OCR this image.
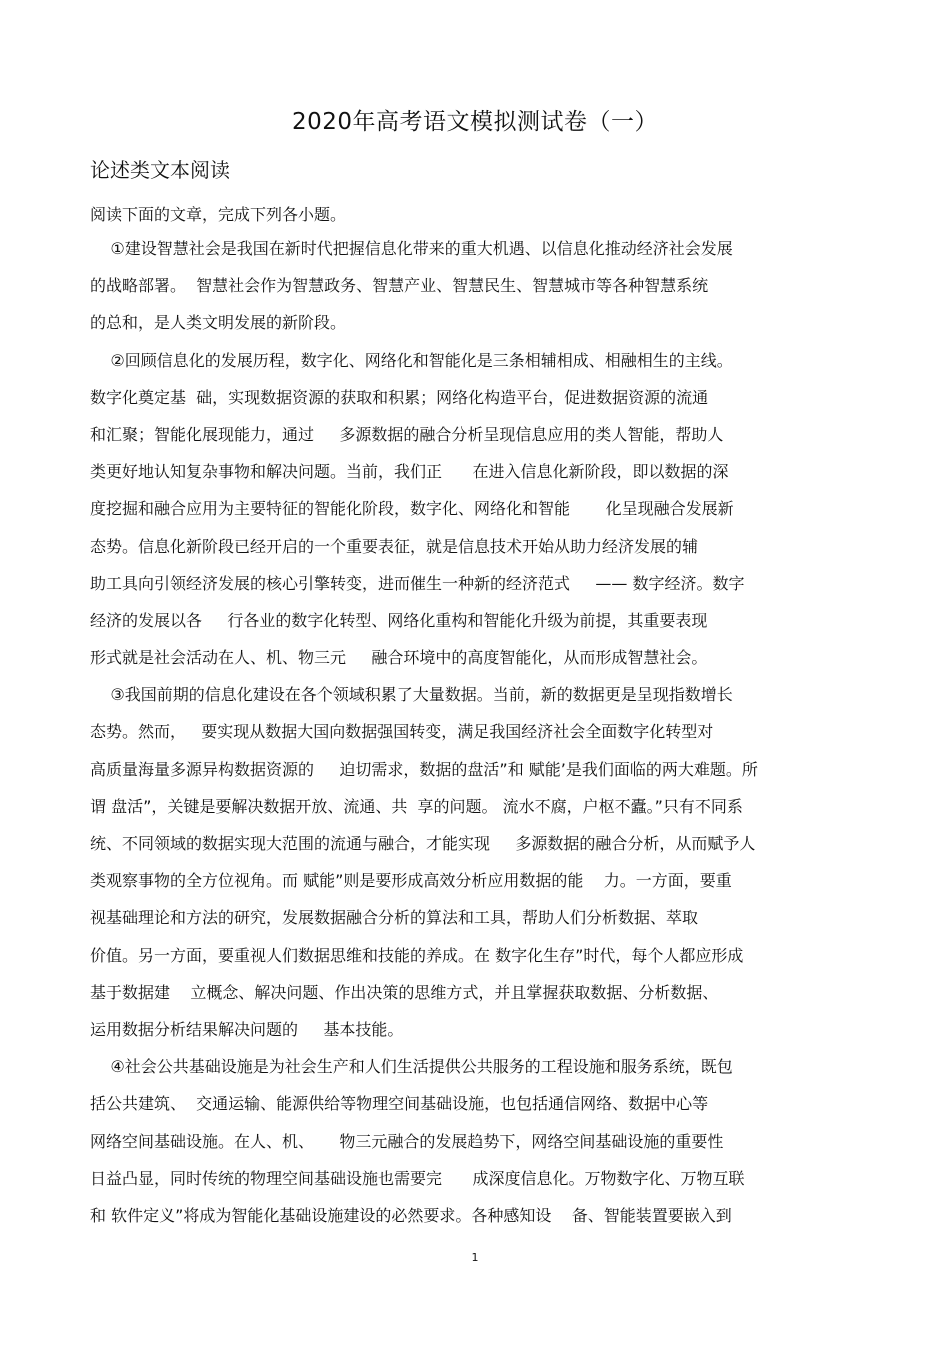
2020年高考语文模拟测试卷（一）
论述类文本阅读
阅读下面的文章，完成下列各小题。
①建设智慧社会是我国在新时代把握信息化带来的重大机遇、以信息化推动经济社会发展
的战略部署。  智慧社会作为智慧政务、智慧产业、智慧民生、智慧城市等各种智慧系统
的总和，是人类文明发展的新阶段。
②回顾信息化的发展历程，数字化、网络化和智能化是三条相辅相成、相融相生的主线。
数字化奠定基  础，实现数据资源的获取和积累；网络化构造平台，促进数据资源的流通
和汇聚；智能化展现能力，通过     多源数据的融合分析呈现信息应用的类人智能，帮助人
类更好地认知复杂事物和解决问题。当前，我们正      在进入信息化新阶段，即以数据的深
度挖掘和融合应用为主要特征的智能化阶段，数字化、网络化和智能       化呈现融合发展新
态势。信息化新阶段已经开启的一个重要表征，就是信息技术开始从助力经济发展的辅
助工具向引领经济发展的核心引擎转变，进而催生一种新的经济范式     —— 数字经济。数字
经济的发展以各     行各业的数字化转型、网络化重构和智能化升级为前提，其重要表现
形式就是社会活动在人、机、物三元     融合环境中的高度智能化，从而形成智慧社会。
③我国前期的信息化建设在各个领域积累了大量数据。当前，新的数据更是呈现指数增长
态势。然而，   要实现从数据大国向数据强国转变，满足我国经济社会全面数字化转型对
高质量海量多源异构数据资源的     迫切需求，数据的盘活”和 赋能’是我们面临的两大难题。所
谓 盘活”，关键是要解决数据开放、流通、共  享的问题。 流水不腐，户枢不蠹。”只有不同系
统、不同领域的数据实现大范围的流通与融合，才能实现     多源数据的融合分析，从而赋予人
类观察事物的全方位视角。而 赋能”则是要形成高效分析应用数据的能    力。一方面，要重
视基础理论和方法的研究，发展数据融合分析的算法和工具，帮助人们分析数据、萃取
价值。另一方面，要重视人们数据思维和技能的养成。在 数字化生存”时代，每个人都应形成
基于数据建    立概念、解决问题、作出决策的思维方式，并且掌握获取数据、分析数据、
运用数据分析结果解决问题的     基本技能。
④社会公共基础设施是为社会生产和人们生活提供公共服务的工程设施和服务系统，既包
括公共建筑、  交通运输、能源供给等物理空间基础设施，也包括通信网络、数据中心等
网络空间基础设施。在人、机、     物三元融合的发展趋势下，网络空间基础设施的重要性
日益凸显，同时传统的物理空间基础设施也需要完      成深度信息化。万物数字化、万物互联
和 软件定义”将成为智能化基础设施建设的必然要求。各种感知设    备、智能装置要嵌入到
1
